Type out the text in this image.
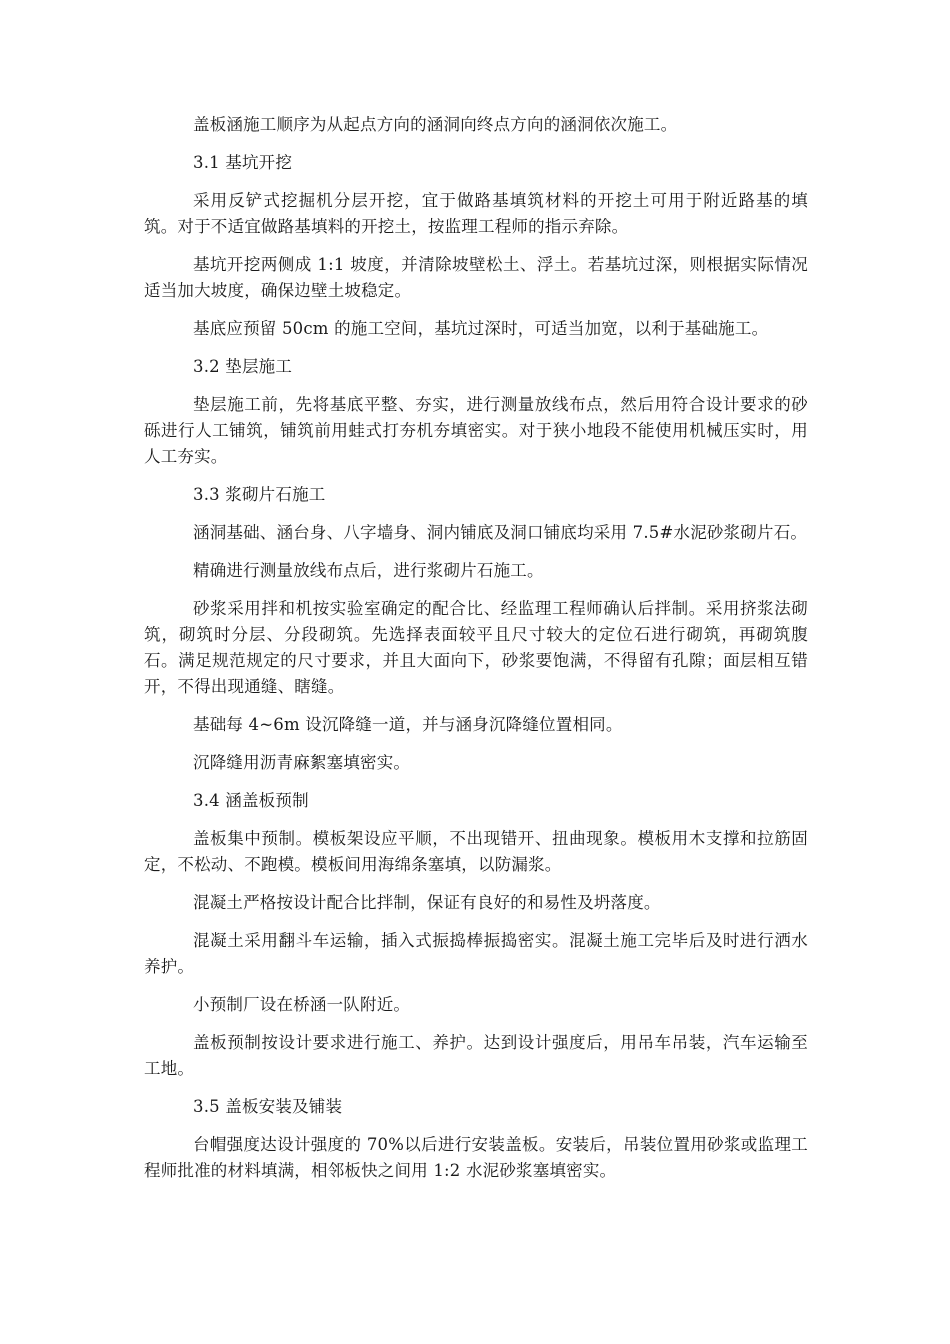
盖板涵施工顺序为从起点方向的涵洞向终点方向的涵洞依次施工。

3.1 基坑开挖

采用反铲式挖掘机分层开挖，宜于做路基填筑材料的开挖土可用于附近路基的填筑。对于不适宜做路基填料的开挖土，按监理工程师的指示弃除。

基坑开挖两侧成 1:1 坡度，并清除坡壁松土、浮土。若基坑过深，则根据实际情况适当加大坡度，确保边壁土坡稳定。

基底应预留 50cm 的施工空间，基坑过深时，可适当加宽，以利于基础施工。

3.2 垫层施工

垫层施工前，先将基底平整、夯实，进行测量放线布点，然后用符合设计要求的砂砾进行人工铺筑，铺筑前用蛙式打夯机夯填密实。对于狭小地段不能使用机械压实时，用人工夯实。

3.3 浆砌片石施工

涵洞基础、涵台身、八字墙身、洞内铺底及洞口铺底均采用 7.5#水泥砂浆砌片石。

精确进行测量放线布点后，进行浆砌片石施工。

砂浆采用拌和机按实验室确定的配合比、经监理工程师确认后拌制。采用挤浆法砌筑，砌筑时分层、分段砌筑。先选择表面较平且尺寸较大的定位石进行砌筑，再砌筑腹石。满足规范规定的尺寸要求，并且大面向下，砂浆要饱满，不得留有孔隙；面层相互错开，不得出现通缝、瞎缝。

基础每 4~6m 设沉降缝一道，并与涵身沉降缝位置相同。

沉降缝用沥青麻絮塞填密实。

3.4 涵盖板预制

盖板集中预制。模板架设应平顺，不出现错开、扭曲现象。模板用木支撑和拉筋固定，不松动、不跑模。模板间用海绵条塞填，以防漏浆。

混凝土严格按设计配合比拌制，保证有良好的和易性及坍落度。

混凝土采用翻斗车运输，插入式振捣棒振捣密实。混凝土施工完毕后及时进行洒水养护。

小预制厂设在桥涵一队附近。

盖板预制按设计要求进行施工、养护。达到设计强度后，用吊车吊装，汽车运输至工地。

3.5 盖板安装及铺装

台帽强度达设计强度的 70%以后进行安装盖板。安装后，吊装位置用砂浆或监理工程师批准的材料填满，相邻板快之间用 1:2 水泥砂浆塞填密实。
